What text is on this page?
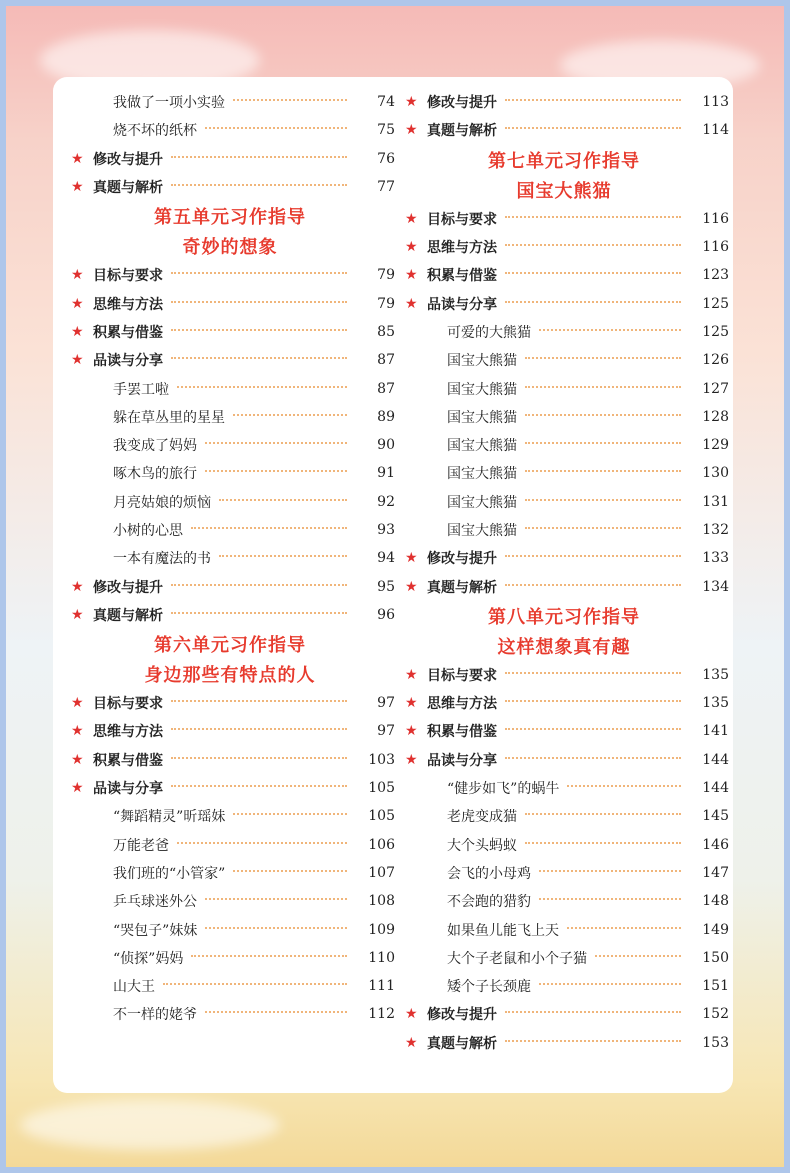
我做了一项小实验	74
烧不坏的纸杯	75
★ 修改与提升	76
★ 真题与解析	77
第五单元习作指导
奇妙的想象
★ 目标与要求	79
★ 思维与方法	79
★ 积累与借鉴	85
★ 品读与分享	87
手罢工啦	87
躲在草丛里的星星	89
我变成了妈妈	90
啄木鸟的旅行	91
月亮姑娘的烦恼	92
小树的心思	93
一本有魔法的书	94
★ 修改与提升	95
★ 真题与解析	96
第六单元习作指导
身边那些有特点的人
★ 目标与要求	97
★ 思维与方法	97
★ 积累与借鉴	103
★ 品读与分享	105
“舞蹈精灵”昕瑶妹	105
万能老爸	106
我们班的“小管家”	107
乒乓球迷外公	108
“哭包子”妹妹	109
“侦探”妈妈	110
山大王	111
不一样的姥爷	112
★ 修改与提升	113
★ 真题与解析	114
第七单元习作指导
国宝大熊猫
★ 目标与要求	116
★ 思维与方法	116
★ 积累与借鉴	123
★ 品读与分享	125
可爱的大熊猫	125
国宝大熊猫	126
国宝大熊猫	127
国宝大熊猫	128
国宝大熊猫	129
国宝大熊猫	130
国宝大熊猫	131
国宝大熊猫	132
★ 修改与提升	133
★ 真题与解析	134
第八单元习作指导
这样想象真有趣
★ 目标与要求	135
★ 思维与方法	135
★ 积累与借鉴	141
★ 品读与分享	144
“健步如飞”的蜗牛	144
老虎变成猫	145
大个头蚂蚁	146
会飞的小母鸡	147
不会跑的猎豹	148
如果鱼儿能飞上天	149
大个子老鼠和小个子猫	150
矮个子长颈鹿	151
★ 修改与提升	152
★ 真题与解析	153
